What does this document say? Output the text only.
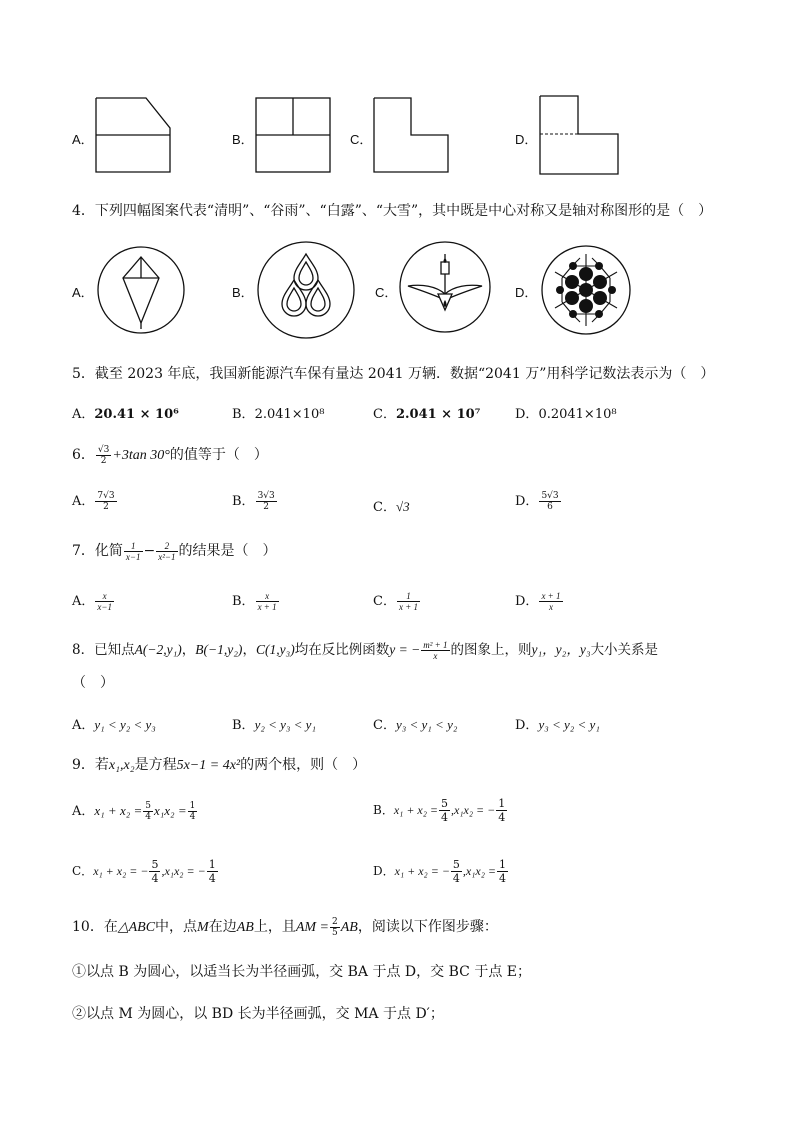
A．	B．	C．	D．
4．下列四幅图案代表“清明”、“谷雨”、“白露”、“大雪”，其中既是中心对称又是轴对称图形的是（　）
A．	B．	C．	D．
5．截至 2023 年底，我国新能源汽车保有量达 2041 万辆．数据“2041 万”用科学记数法表示为（　）
A．20.41 × 10⁶	B．2.041×10⁸	C．2.041 × 10⁷	D．0.2041×10⁸
6． $\frac{√3}{2} +3\tan$ 30°的值等于（　）
A． $\frac{7√3}{2}$	B． $\frac{3√3}{2}$	C．√3	D． $\frac{5√3}{6}$
7．化简 $\frac{1}{x-1} - \frac{2}{\text{x²−1}}$ 的结果是（　）
A． $\frac{x}{x-1}$	B． $\frac{x}{x + 1}$	C． $\frac{1}{x + 1}$	D． $\frac{x + 1}{x}$
8．已知点A(−2,y₁)，B(−1,y₂)，C(1,y₃)均在反比例函数y = − $\frac{\text{m² + 1}}{x}$ 的图象上，则y₁，y₂，y₃大小关系是
（　）
A．y₁ < y₂ < y₃	B．y₂ < y₃ < y₁	C．y₃ < y₁ < y₂	D．y₃ < y₂ < y₁
9．若x₁,x₂是方程5x−1 = 4x²的两个根，则（　）
A．$x_1 + x_2 = \frac{5}{4} x_1x_2 = \frac{1}{4}$	B．$x_1 + x_2 = \frac{5}{4} ,x_1x_2$ = − $\frac{1}{4}$
C．x₁ + x₂ = − $\frac{5}{4} ,x_1x_2$ = − $\frac{1}{4}$	D．x₁ + x₂ = − $\frac{5}{4} ,x_1x_2 = \frac{1}{4}$
10．在△ABC中，点M在边AB上，且AM = $\frac{2}{5}$ AB，阅读以下作图步骤：
①以点 B 为圆心，以适当长为半径画弧，交 BA 于点 D，交 BC 于点 E；
②以点 M 为圆心，以 BD 长为半径画弧，交 MA 于点 D′；
